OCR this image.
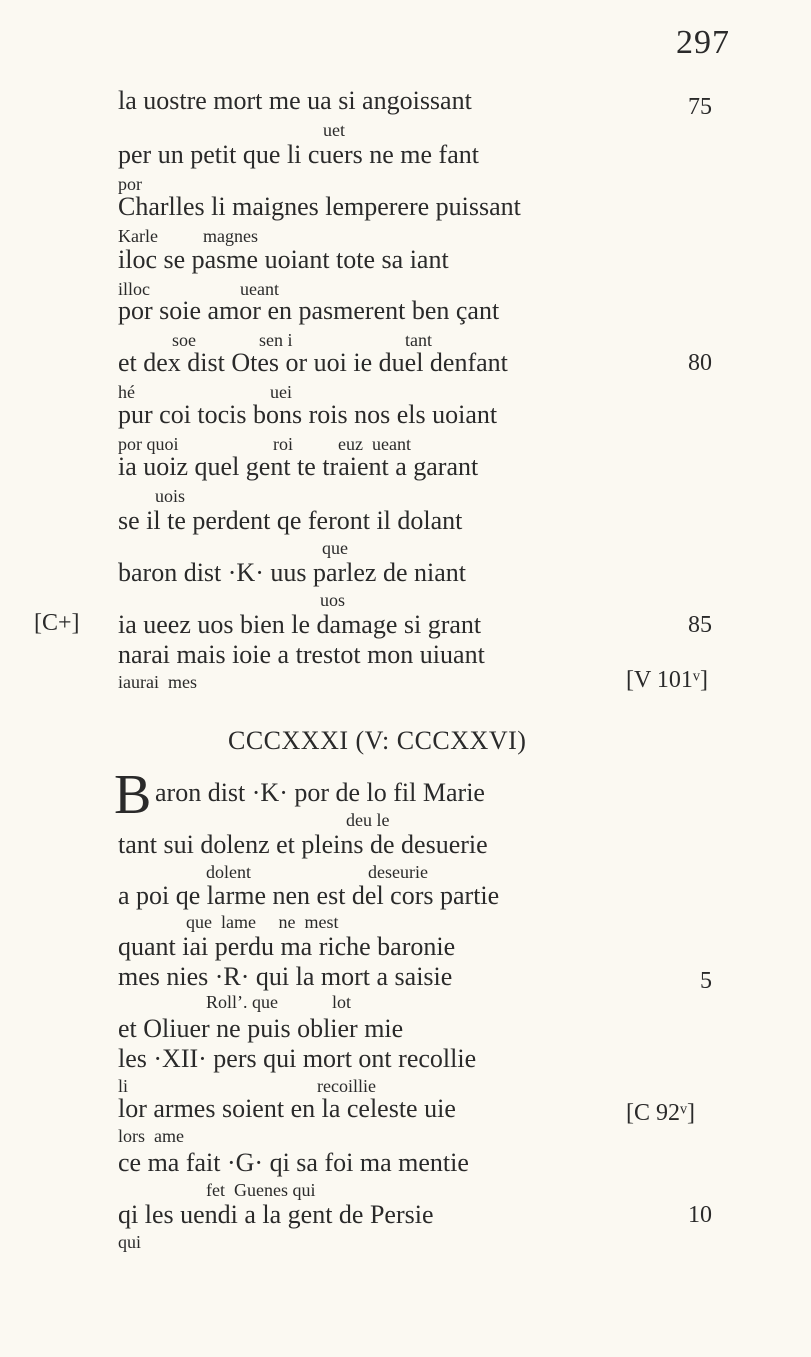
297
la uostre mort me ua si angoissant
uet
75
per un petit que li cuers ne me fant
por
Charlles li maignes lemperere puissant
Karle          magnes
iloc se pasme uoiant tote sa iant
illoc                    ueant
por soie amor en pasmerent ben çant
soe              sen i                         tant
et dex dist Otes or uoi ie duel denfant
hé                              uei
80
pur coi tocis bons rois nos els uoiant
por quoi                     roi          euz  ueant
ia uoiz quel gent te traient a garant
uois
se il te perdent qe feront il dolant
que
baron dist ·K· uus parlez de niant
uos
[C+] ia ueez uos bien le damage si grant	85
narai mais ioie a trestot mon uiuant
iaurai  mes	[V 101ᵛ]
CCCXXXI (V: CCCXXVI)
B aron dist ·K· por de lo fil Marie
deu le
tant sui dolenz et pleins de desuerie
dolent                          deseurie
a poi qe larme nen est del cors partie
que  lame     ne  mest
quant iai perdu ma riche baronie
mes nies ·R· qui la mort a saisie
Roll’. que            lot
5
et Oliuer ne puis oblier mie
les ·XII· pers qui mort ont recollie
li                                          recoillie
lor armes soient en la celeste uie
lors  ame
[C 92ᵛ]
ce ma fait ·G· qi sa foi ma mentie
fet  Guenes qui
qi les uendi a la gent de Persie
qui
10
